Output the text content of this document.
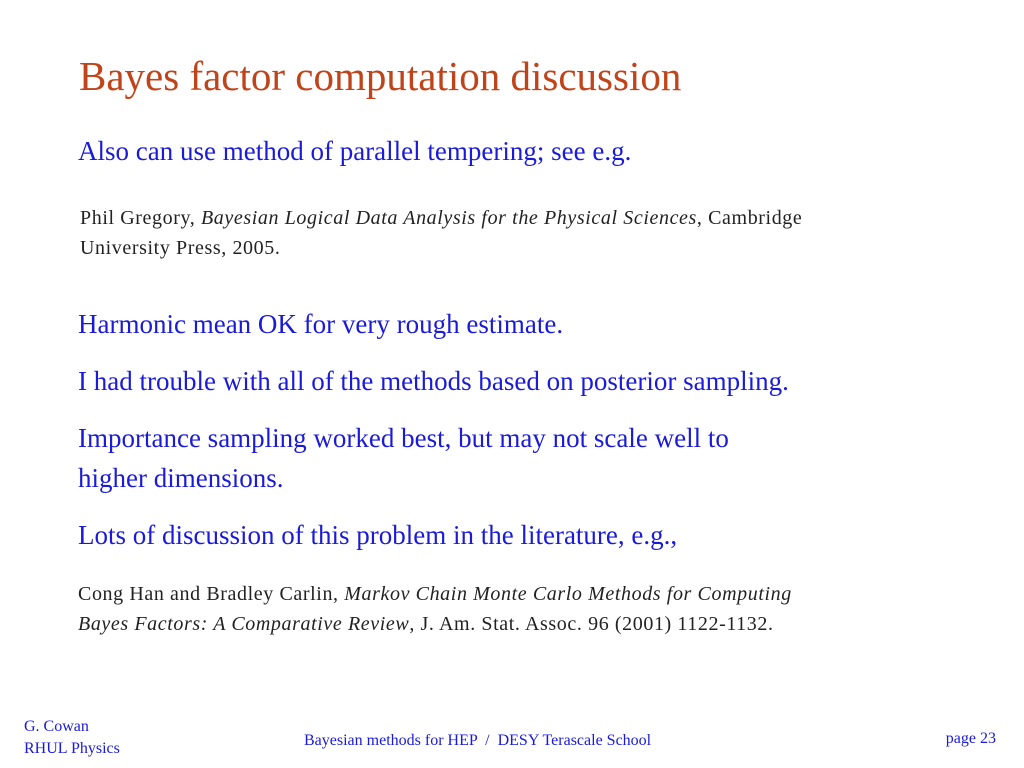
Bayes factor computation discussion
Also can use method of parallel tempering; see e.g.
Phil Gregory, Bayesian Logical Data Analysis for the Physical Sciences, Cambridge
University Press, 2005.
Harmonic mean OK for very rough estimate.
I had trouble with all of the methods based on posterior sampling.
Importance sampling worked best, but may not scale well to
higher dimensions.
Lots of discussion of this problem in the literature, e.g.,
Cong Han and Bradley Carlin, Markov Chain Monte Carlo Methods for Computing
Bayes Factors: A Comparative Review, J. Am. Stat. Assoc. 96 (2001) 1122-1132.
G. Cowan
RHUL Physics	Bayesian methods for HEP  /  DESY Terascale School	page 23
